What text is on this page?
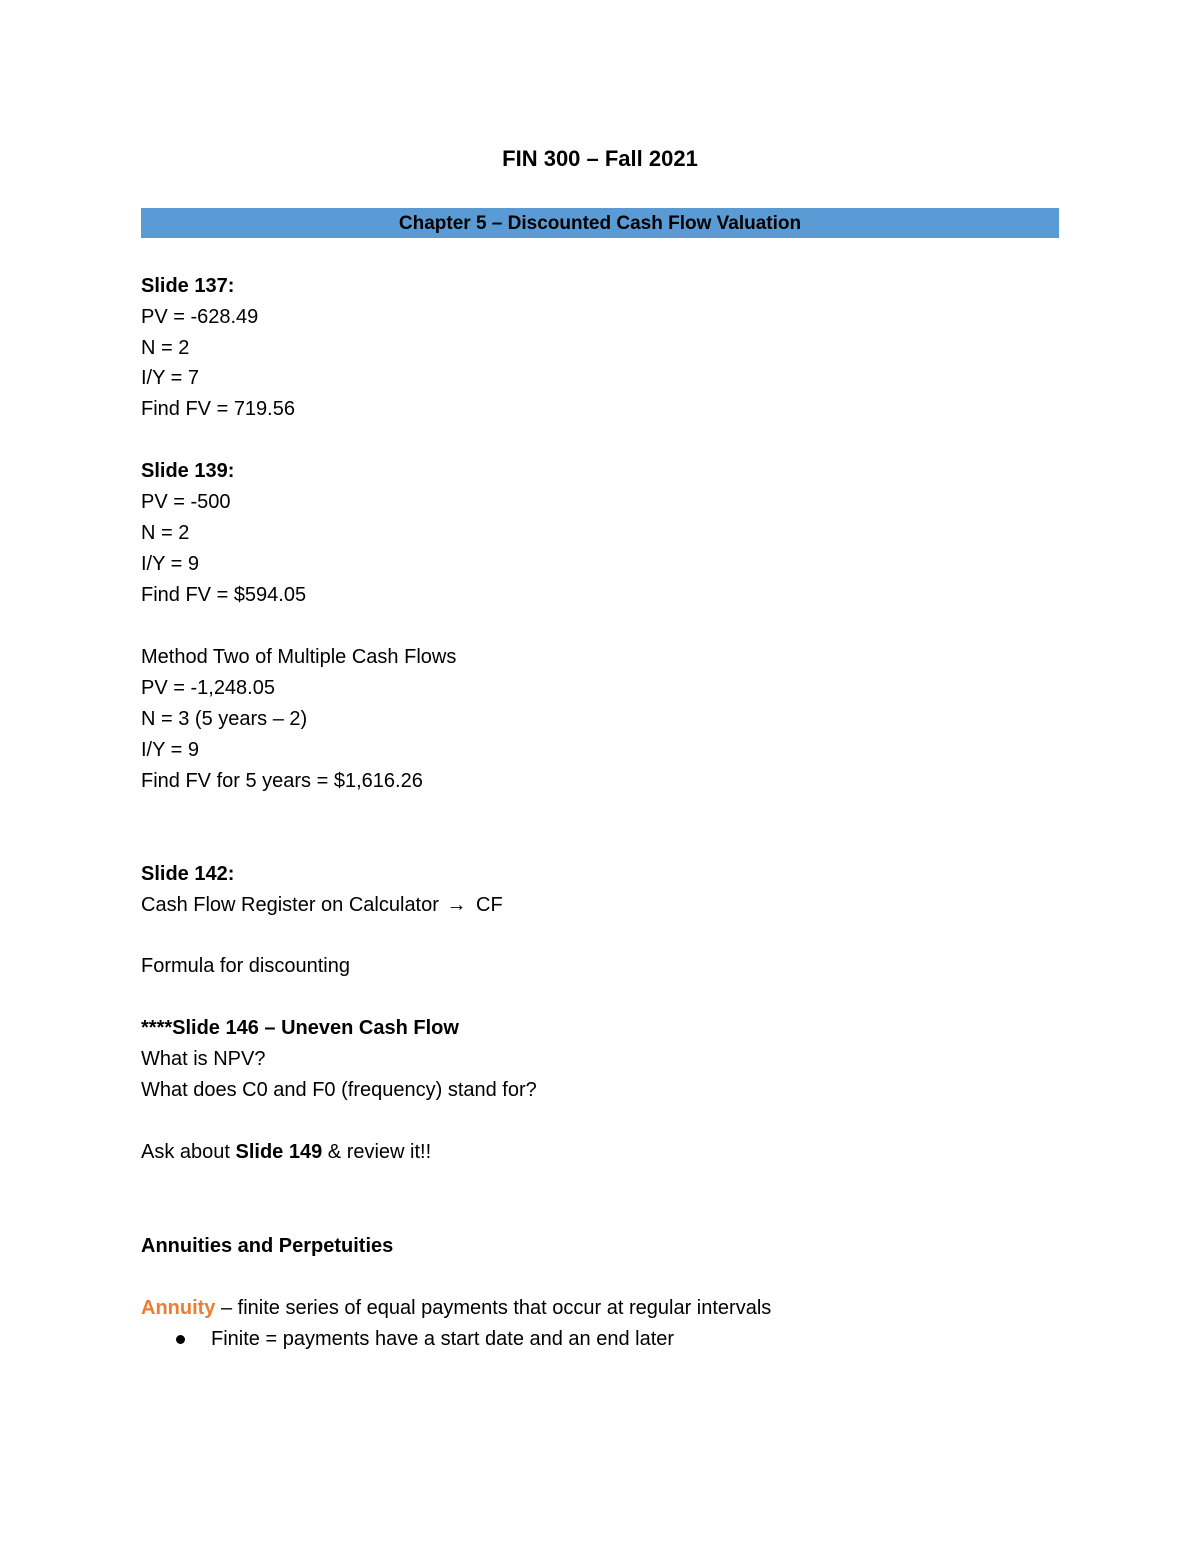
FIN 300 – Fall 2021
Chapter 5 – Discounted Cash Flow Valuation
Slide 137:
PV = -628.49
N = 2
I/Y = 7
Find FV = 719.56
Slide 139:
PV = -500
N = 2
I/Y = 9
Find FV = $594.05
Method Two of Multiple Cash Flows
PV = -1,248.05
N = 3 (5 years – 2)
I/Y = 9
Find FV for 5 years = $1,616.26
Slide 142:
Cash Flow Register on Calculator → CF
Formula for discounting
****Slide 146 – Uneven Cash Flow
What is NPV?
What does C0 and F0 (frequency) stand for?
Ask about Slide 149 & review it!!
Annuities and Perpetuities
Annuity – finite series of equal payments that occur at regular intervals
Finite = payments have a start date and an end later
